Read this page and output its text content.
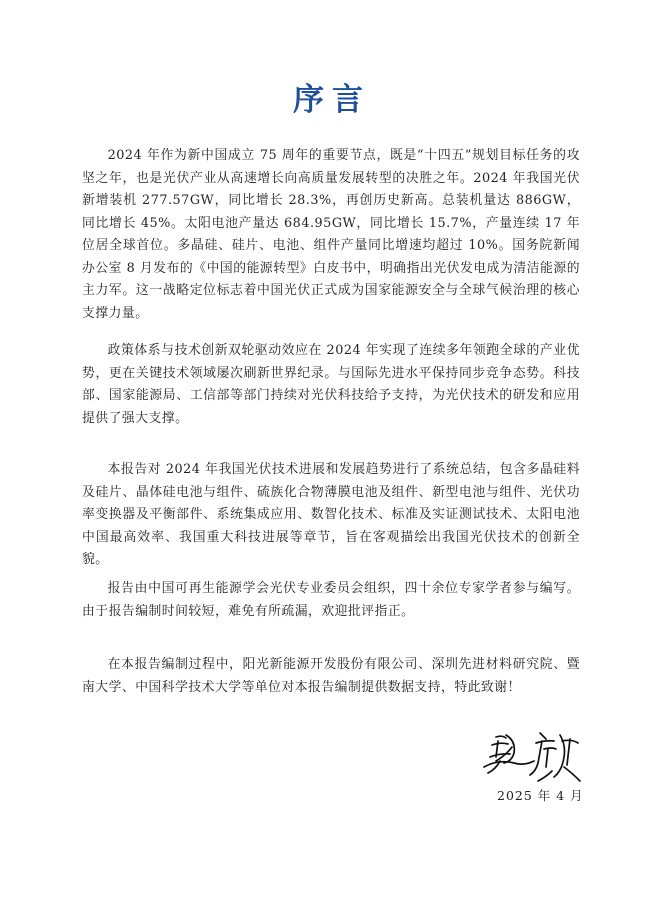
序言

2024 年作为新中国成立 75 周年的重要节点，既是“十四五”规划目标任务的攻坚之年，也是光伏产业从高速增长向高质量发展转型的决胜之年。2024 年我国光伏新增装机 277.57GW，同比增长 28.3%，再创历史新高。总装机量达 886GW，同比增长 45%。太阳电池产量达 684.95GW，同比增长 15.7%，产量连续 17 年位居全球首位。多晶硅、硅片、电池、组件产量同比增速均超过 10%。国务院新闻办公室 8 月发布的《中国的能源转型》白皮书中，明确指出光伏发电成为清洁能源的主力军。这一战略定位标志着中国光伏正式成为国家能源安全与全球气候治理的核心支撑力量。

政策体系与技术创新双轮驱动效应在 2024 年实现了连续多年领跑全球的产业优势，更在关键技术领域屡次刷新世界纪录。与国际先进水平保持同步竞争态势。科技部、国家能源局、工信部等部门持续对光伏科技给予支持，为光伏技术的研发和应用提供了强大支撑。

本报告对 2024 年我国光伏技术进展和发展趋势进行了系统总结，包含多晶硅料及硅片、晶体硅电池与组件、硫族化合物薄膜电池及组件、新型电池与组件、光伏功率变换器及平衡部件、系统集成应用、数智化技术、标准及实证测试技术、太阳电池中国最高效率、我国重大科技进展等章节，旨在客观描绘出我国光伏技术的创新全貌。

报告由中国可再生能源学会光伏专业委员会组织，四十余位专家学者参与编写。由于报告编制时间较短，难免有所疏漏，欢迎批评指正。

在本报告编制过程中，阳光新能源开发股份有限公司、深圳先进材料研究院、暨南大学、中国科学技术大学等单位对本报告编制提供数据支持，特此致谢！

2025 年 4 月
